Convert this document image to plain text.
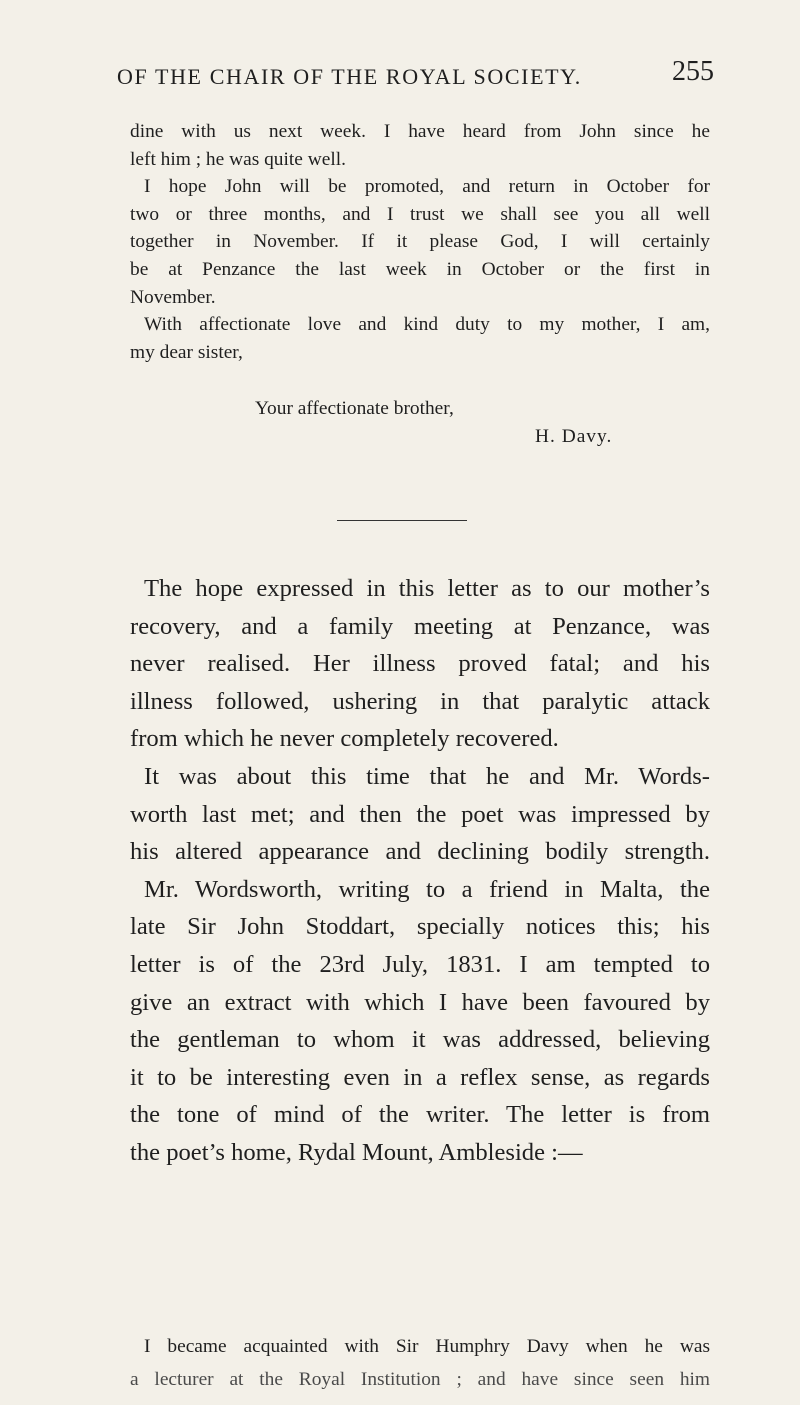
OF THE CHAIR OF THE ROYAL SOCIETY.	255
dine with us next week. I have heard from John since he
left him ; he was quite well.
I hope John will be promoted, and return in October for
two or three months, and I trust we shall see you all well
together in November. If it please God, I will certainly
be at Penzance the last week in October or the first in
November.
With affectionate love and kind duty to my mother, I am,
my dear sister,
Your affectionate brother,
H. Davy.
The hope expressed in this letter as to our mother’s
recovery, and a family meeting at Penzance, was
never realised. Her illness proved fatal; and his
illness followed, ushering in that paralytic attack
from which he never completely recovered.
It was about this time that he and Mr. Words-
worth last met; and then the poet was impressed by
his altered appearance and declining bodily strength.
Mr. Wordsworth, writing to a friend in Malta, the
late Sir John Stoddart, specially notices this; his
letter is of the 23rd July, 1831. I am tempted to
give an extract with which I have been favoured by
the gentleman to whom it was addressed, believing
it to be interesting even in a reflex sense, as regards
the tone of mind of the writer. The letter is from
the poet’s home, Rydal Mount, Ambleside :—
I became acquainted with Sir Humphry Davy when he was
a lecturer at the Royal Institution ; and have since seen him
